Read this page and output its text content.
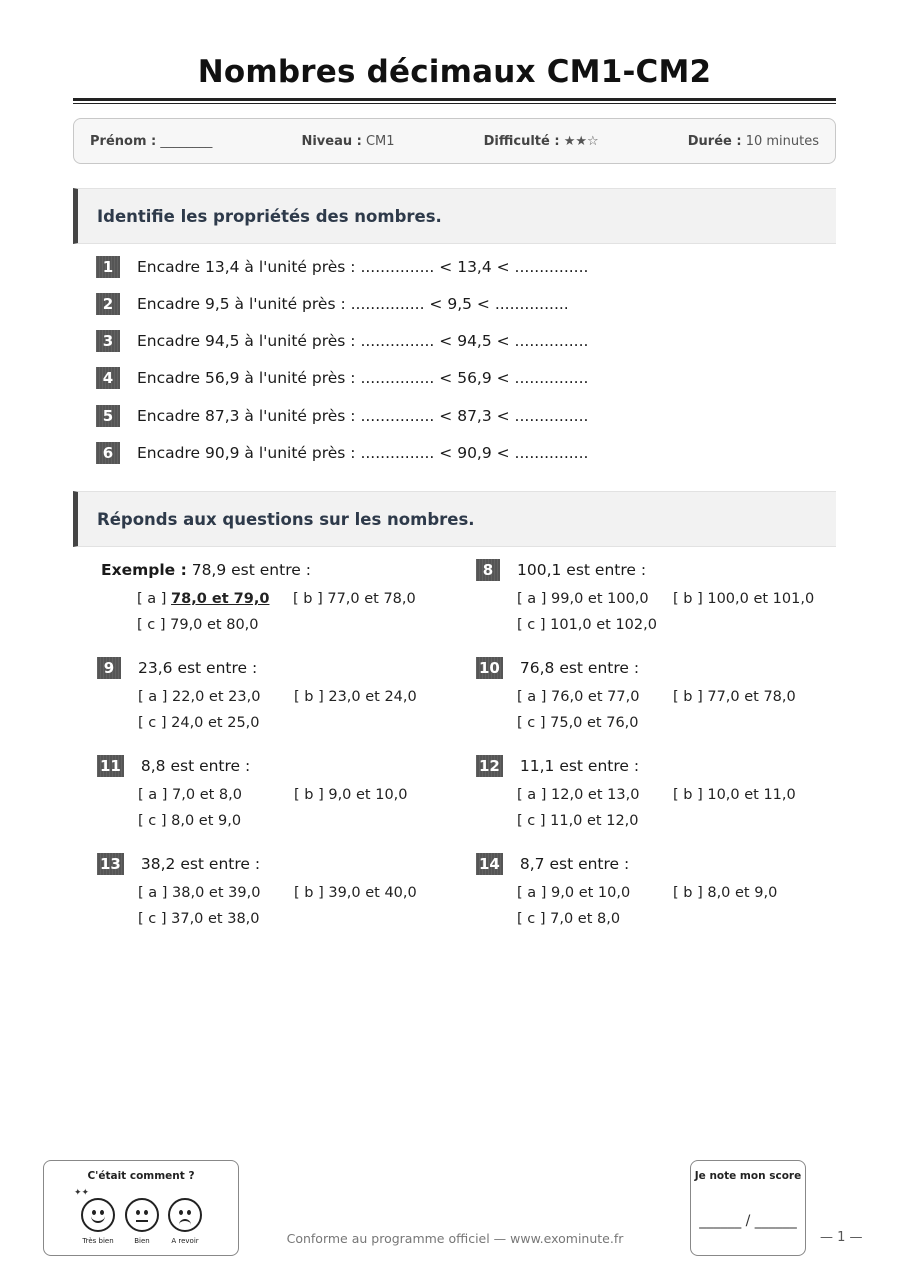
Nombres décimaux CM1-CM2
Prénom : ________	Niveau : CM1	Difficulté : ★★☆	Durée : 10 minutes
Identifie les propriétés des nombres.
1	Encadre 13,4 à l'unité près : ............... < 13,4 < ...............
2	Encadre 9,5 à l'unité près : ............... < 9,5 < ...............
3	Encadre 94,5 à l'unité près : ............... < 94,5 < ...............
4	Encadre 56,9 à l'unité près : ............... < 56,9 < ...............
5	Encadre 87,3 à l'unité près : ............... < 87,3 < ...............
6	Encadre 90,9 à l'unité près : ............... < 90,9 < ...............
Réponds aux questions sur les nombres.
Exemple :
78,9 est entre :
[ a ] 78,0 et 79,0 [ b ] 77,0 et 78,0
[ c ] 79,0 et 80,0
8	100,1 est entre :
[ a ] 99,0 et 100,0 [ b ] 100,0 et 101,0
[ c ] 101,0 et 102,0
9	23,6 est entre :
[ a ] 22,0 et 23,0 [ b ] 23,0 et 24,0
[ c ] 24,0 et 25,0
10 76,8 est entre :
[ a ] 76,0 et 77,0 [ b ] 77,0 et 78,0
[ c ] 75,0 et 76,0
11 8,8 est entre :
[ a ] 7,0 et 8,0	[ b ] 9,0 et 10,0
[ c ] 8,0 et 9,0
12 11,1 est entre :
[ a ] 12,0 et 13,0 [ b ] 10,0 et 11,0
[ c ] 11,0 et 12,0
13 38,2 est entre :
[ a ] 38,0 et 39,0 [ b ] 39,0 et 40,0
[ c ] 37,0 et 38,0
14 8,7 est entre :
[ a ] 9,0 et 10,0	[ b ] 8,0 et 9,0
[ c ] 7,0 et 8,0
C'était comment ?
✦✦
Très bien	Bien	A revoir	Conforme au programme officiel — www.exominute.fr
Je note mon score
______ / ______
— 1 —
